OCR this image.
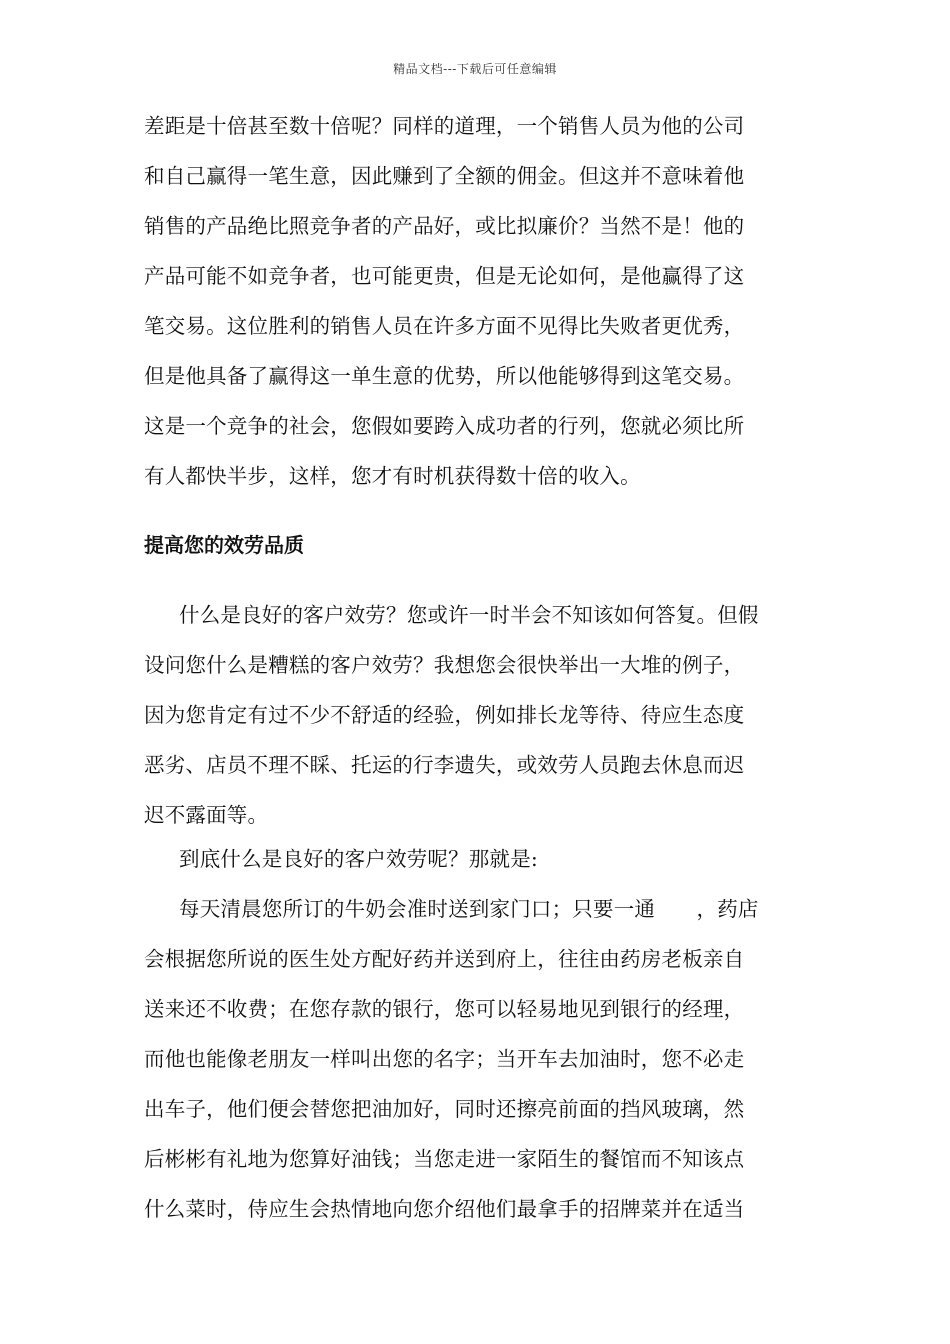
精品文档---下载后可任意编辑
差距是十倍甚至数十倍呢？同样的道理，一个销售人员为他的公司
和自己赢得一笔生意，因此赚到了全额的佣金。但这并不意味着他
销售的产品绝比照竞争者的产品好，或比拟廉价？当然不是！他的
产品可能不如竞争者，也可能更贵，但是无论如何，是他赢得了这
笔交易。这位胜利的销售人员在许多方面不见得比失败者更优秀，
但是他具备了赢得这一单生意的优势，所以他能够得到这笔交易。
这是一个竞争的社会，您假如要跨入成功者的行列，您就必须比所
有人都快半步，这样，您才有时机获得数十倍的收入。
提高您的效劳品质
什么是良好的客户效劳？您或许一时半会不知该如何答复。但假
设问您什么是糟糕的客户效劳？我想您会很快举出一大堆的例子，
因为您肯定有过不少不舒适的经验，例如排长龙等待、待应生态度
恶劣、店员不理不睬、托运的行李遗失，或效劳人员跑去休息而迟
迟不露面等。
到底什么是良好的客户效劳呢？那就是:
每天清晨您所订的牛奶会准时送到家门口；只要一通　　，药店
会根据您所说的医生处方配好药并送到府上，往往由药房老板亲自
送来还不收费；在您存款的银行，您可以轻易地见到银行的经理，
而他也能像老朋友一样叫出您的名字；当开车去加油时，您不必走
出车子，他们便会替您把油加好，同时还擦亮前面的挡风玻璃，然
后彬彬有礼地为您算好油钱；当您走进一家陌生的餐馆而不知该点
什么菜时，侍应生会热情地向您介绍他们最拿手的招牌菜并在适当
